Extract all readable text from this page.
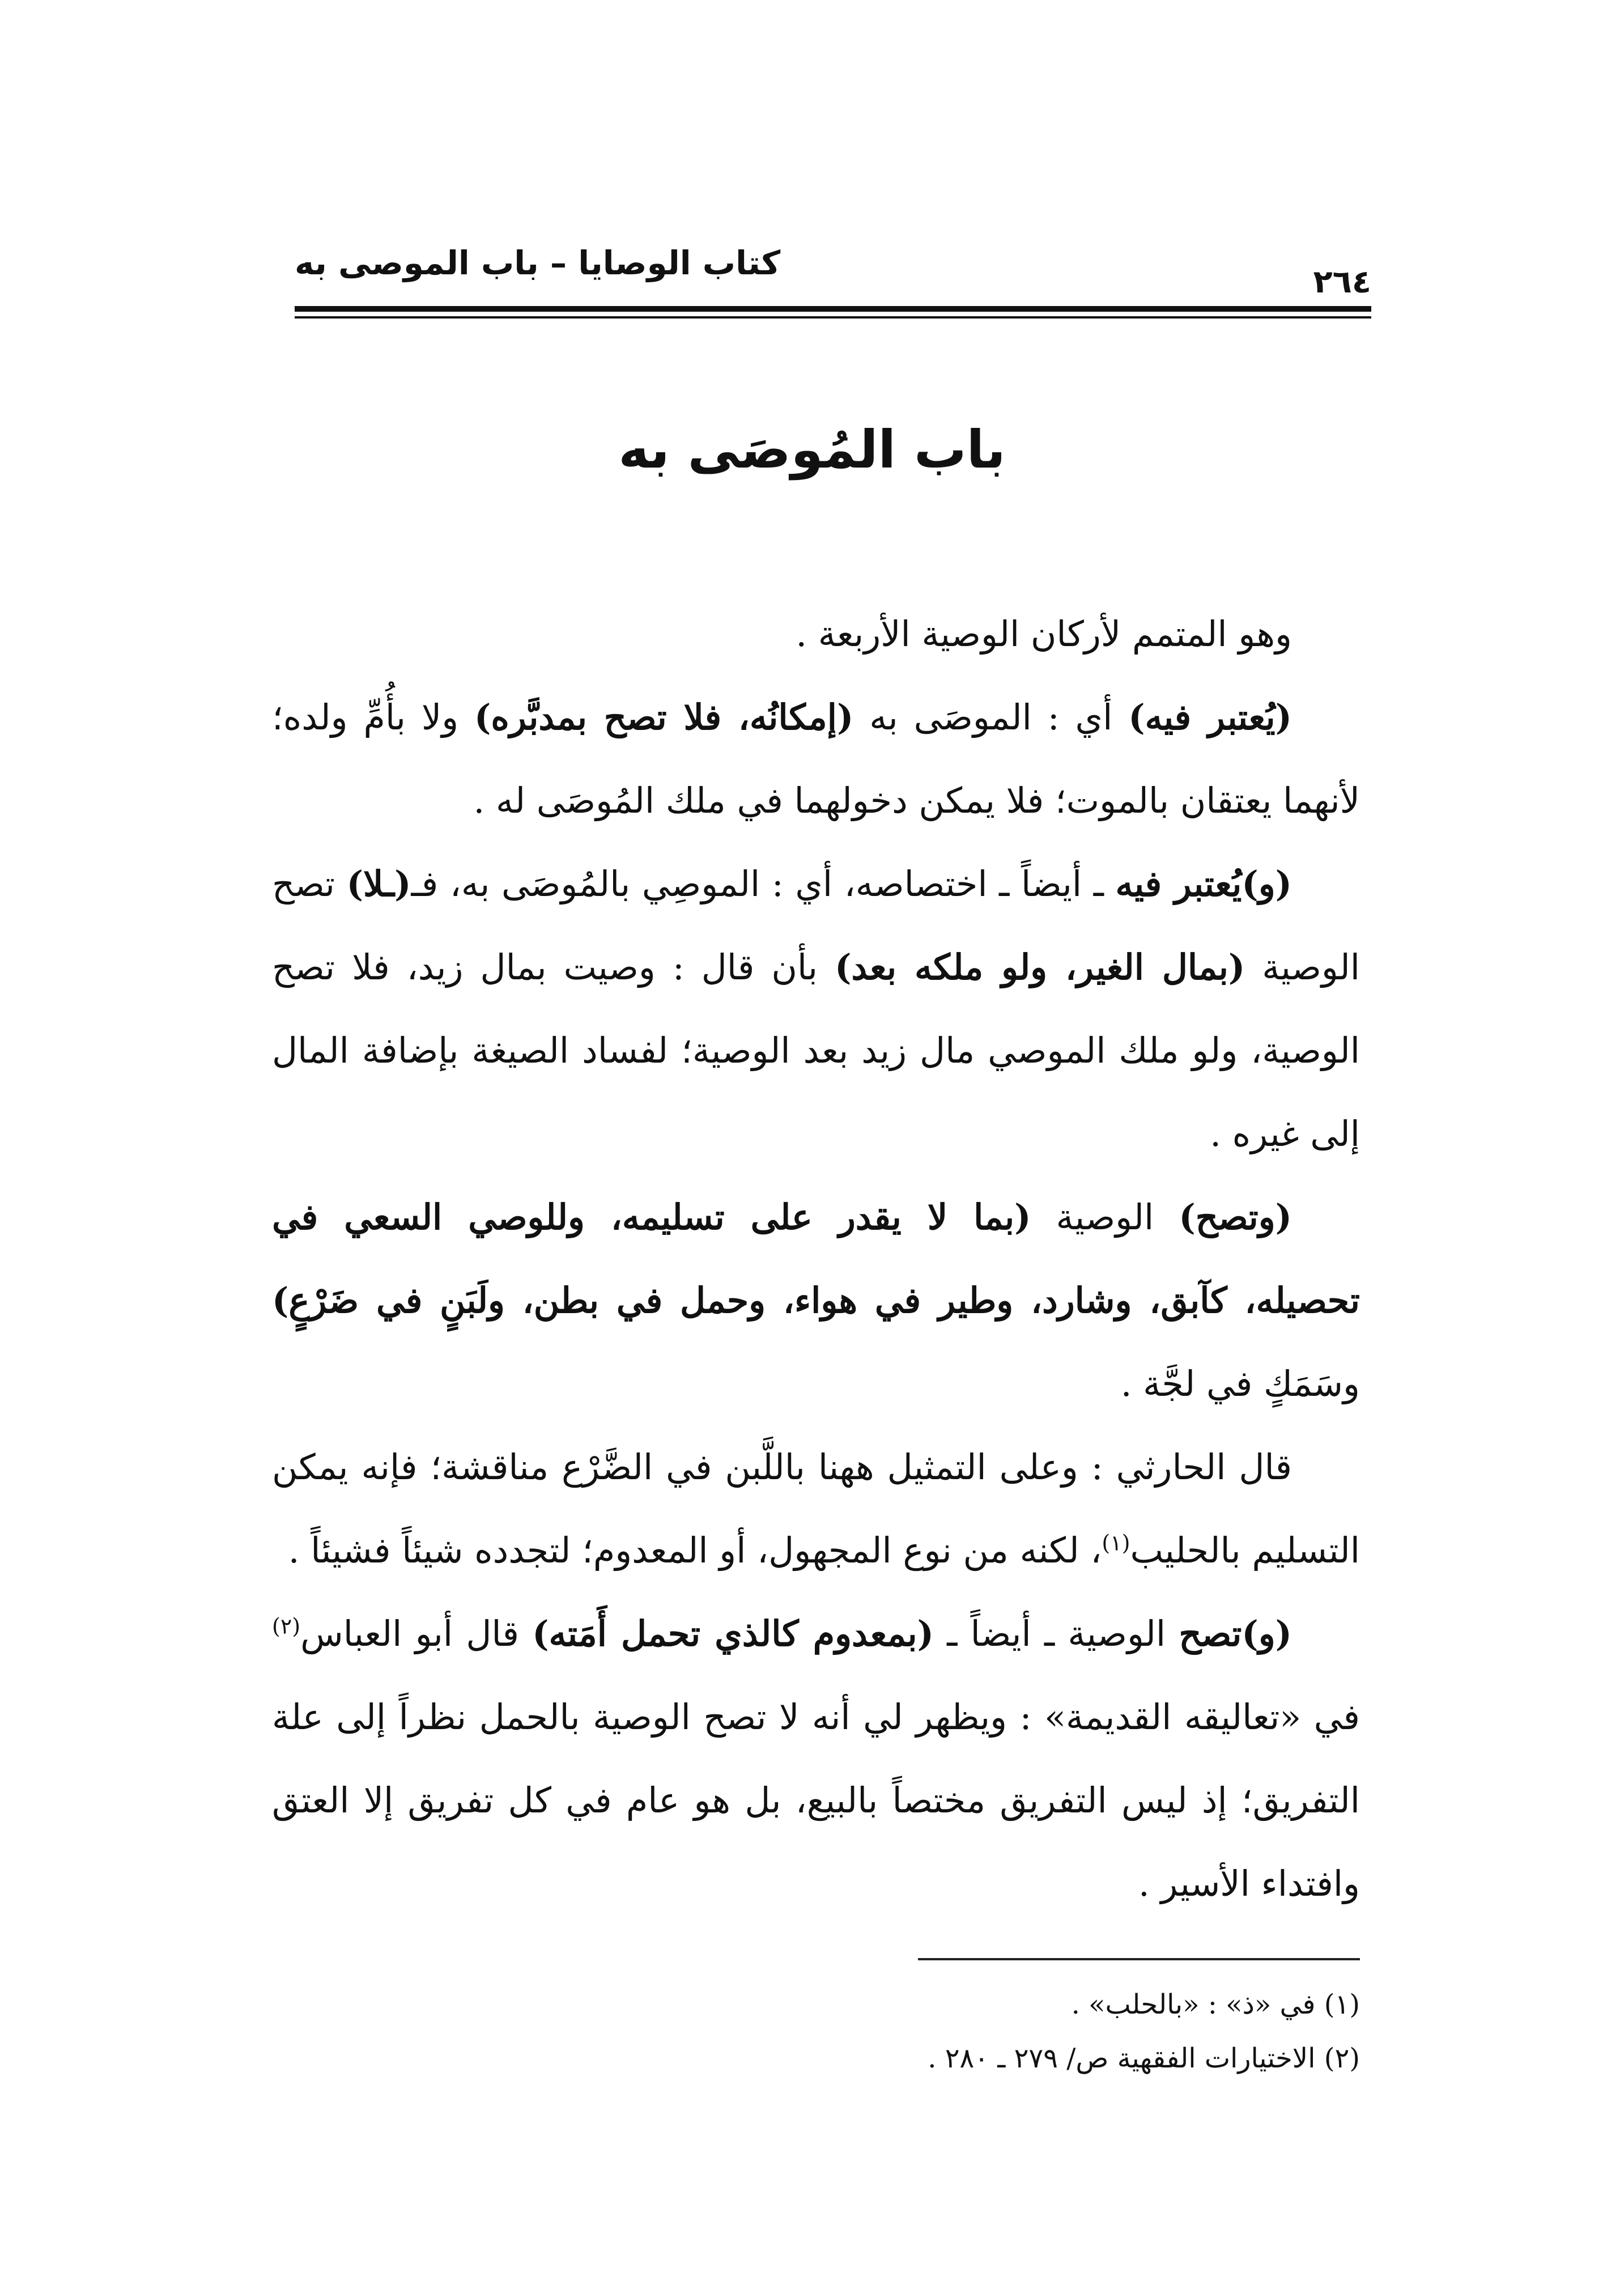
كتاب الوصايا – باب الموصى به	٢٦٤
باب المُوصَى به

وهو المتمم لأركان الوصية الأربعة .

(يُعتبر فيه) أي : الموصَى به (إمكانُه، فلا تصح بمدبَّره) ولا بأُمِّ ولده؛ لأنهما يعتقان بالموت؛ فلا يمكن دخولهما في ملك المُوصَى له .

(و)يُعتبر فيه ـ أيضاً ـ اختصاصه، أي : الموصِي بالمُوصَى به، فـ(ـلا) تصح الوصية (بمال الغير، ولو ملكه بعد) بأن قال : وصيت بمال زيد، فلا تصح الوصية، ولو ملك الموصي مال زيد بعد الوصية؛ لفساد الصيغة بإضافة المال إلى غيره .

(وتصح) الوصية (بما لا يقدر على تسليمه، وللوصي السعي في تحصيله، كآبق، وشارد، وطير في هواء، وحمل في بطن، ولَبَنٍ في ضَرْعٍ) وسَمَكٍ في لجَّة .

قال الحارثي : وعلى التمثيل ههنا باللَّبن في الضَّرْع مناقشة؛ فإنه يمكن التسليم بالحليب$^{(١)}$، لكنه من نوع المجهول، أو المعدوم؛ لتجدده شيئاً فشيئاً .

(و)تصح الوصية ـ أيضاً ـ (بمعدوم كالذي تحمل أَمَته) قال أبو العباس$^{(٢)}$ في «تعاليقه القديمة» : ويظهر لي أنه لا تصح الوصية بالحمل نظراً إلى علة التفريق؛ إذ ليس التفريق مختصاً بالبيع، بل هو عام في كل تفريق إلا العتق وافتداء الأسير .

(١) في «ذ» : «بالحلب» .

(٢) الاختيارات الفقهية ص/ ٢٧٩ ـ ٢٨٠ .
